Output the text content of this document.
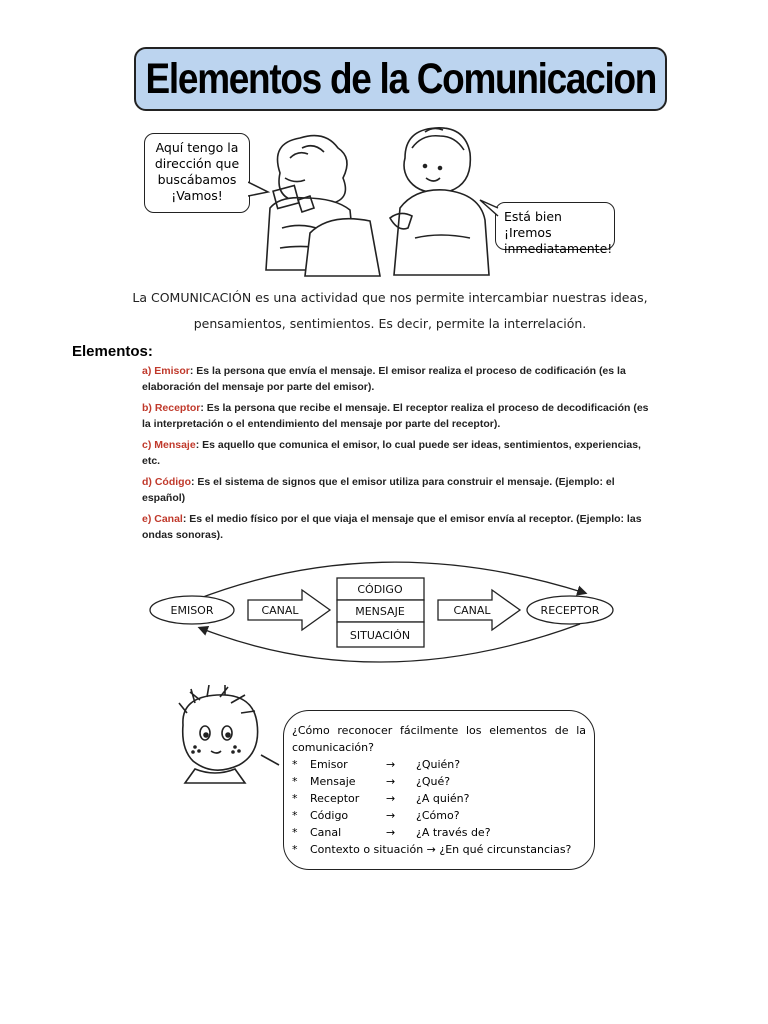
Elementos de la Comunicacion
Aquí tengo la
dirección que
buscábamos
¡Vamos!
Está bien ¡Iremos
inmediatamente!
La COMUNICACIÓN es una actividad que nos permite intercambiar nuestras ideas,
pensamientos, sentimientos. Es decir, permite la interrelación.
Elementos:
a) Emisor: Es la persona que envía el mensaje. El emisor realiza el proceso de codificación (es la elaboración del mensaje por parte del emisor).
b) Receptor: Es la persona que recibe el mensaje. El receptor realiza el proceso de decodificación (es la interpretación o el entendimiento del mensaje por parte del receptor).
c) Mensaje: Es aquello que comunica el emisor, lo cual puede ser ideas, sentimientos, experiencias, etc.
d) Código: Es el sistema de signos que el emisor utiliza para construir el mensaje. (Ejemplo: el español)
e) Canal: Es el medio físico por el que viaja el mensaje que el emisor envía al receptor. (Ejemplo: las ondas sonoras).
EMISOR	CANAL
CÓDIGO
MENSAJE
SITUACIÓN
CANAL	RECEPTOR
¿Cómo reconocer fácilmente los elementos de la comunicación?
*	Emisor	→	¿Quién?
*	Mensaje	→	¿Qué?
*	Receptor	→	¿A quién?
*	Código	→	¿Cómo?
*	Canal	→	¿A través de?
*	Contexto o situación → ¿En qué circunstancias?
